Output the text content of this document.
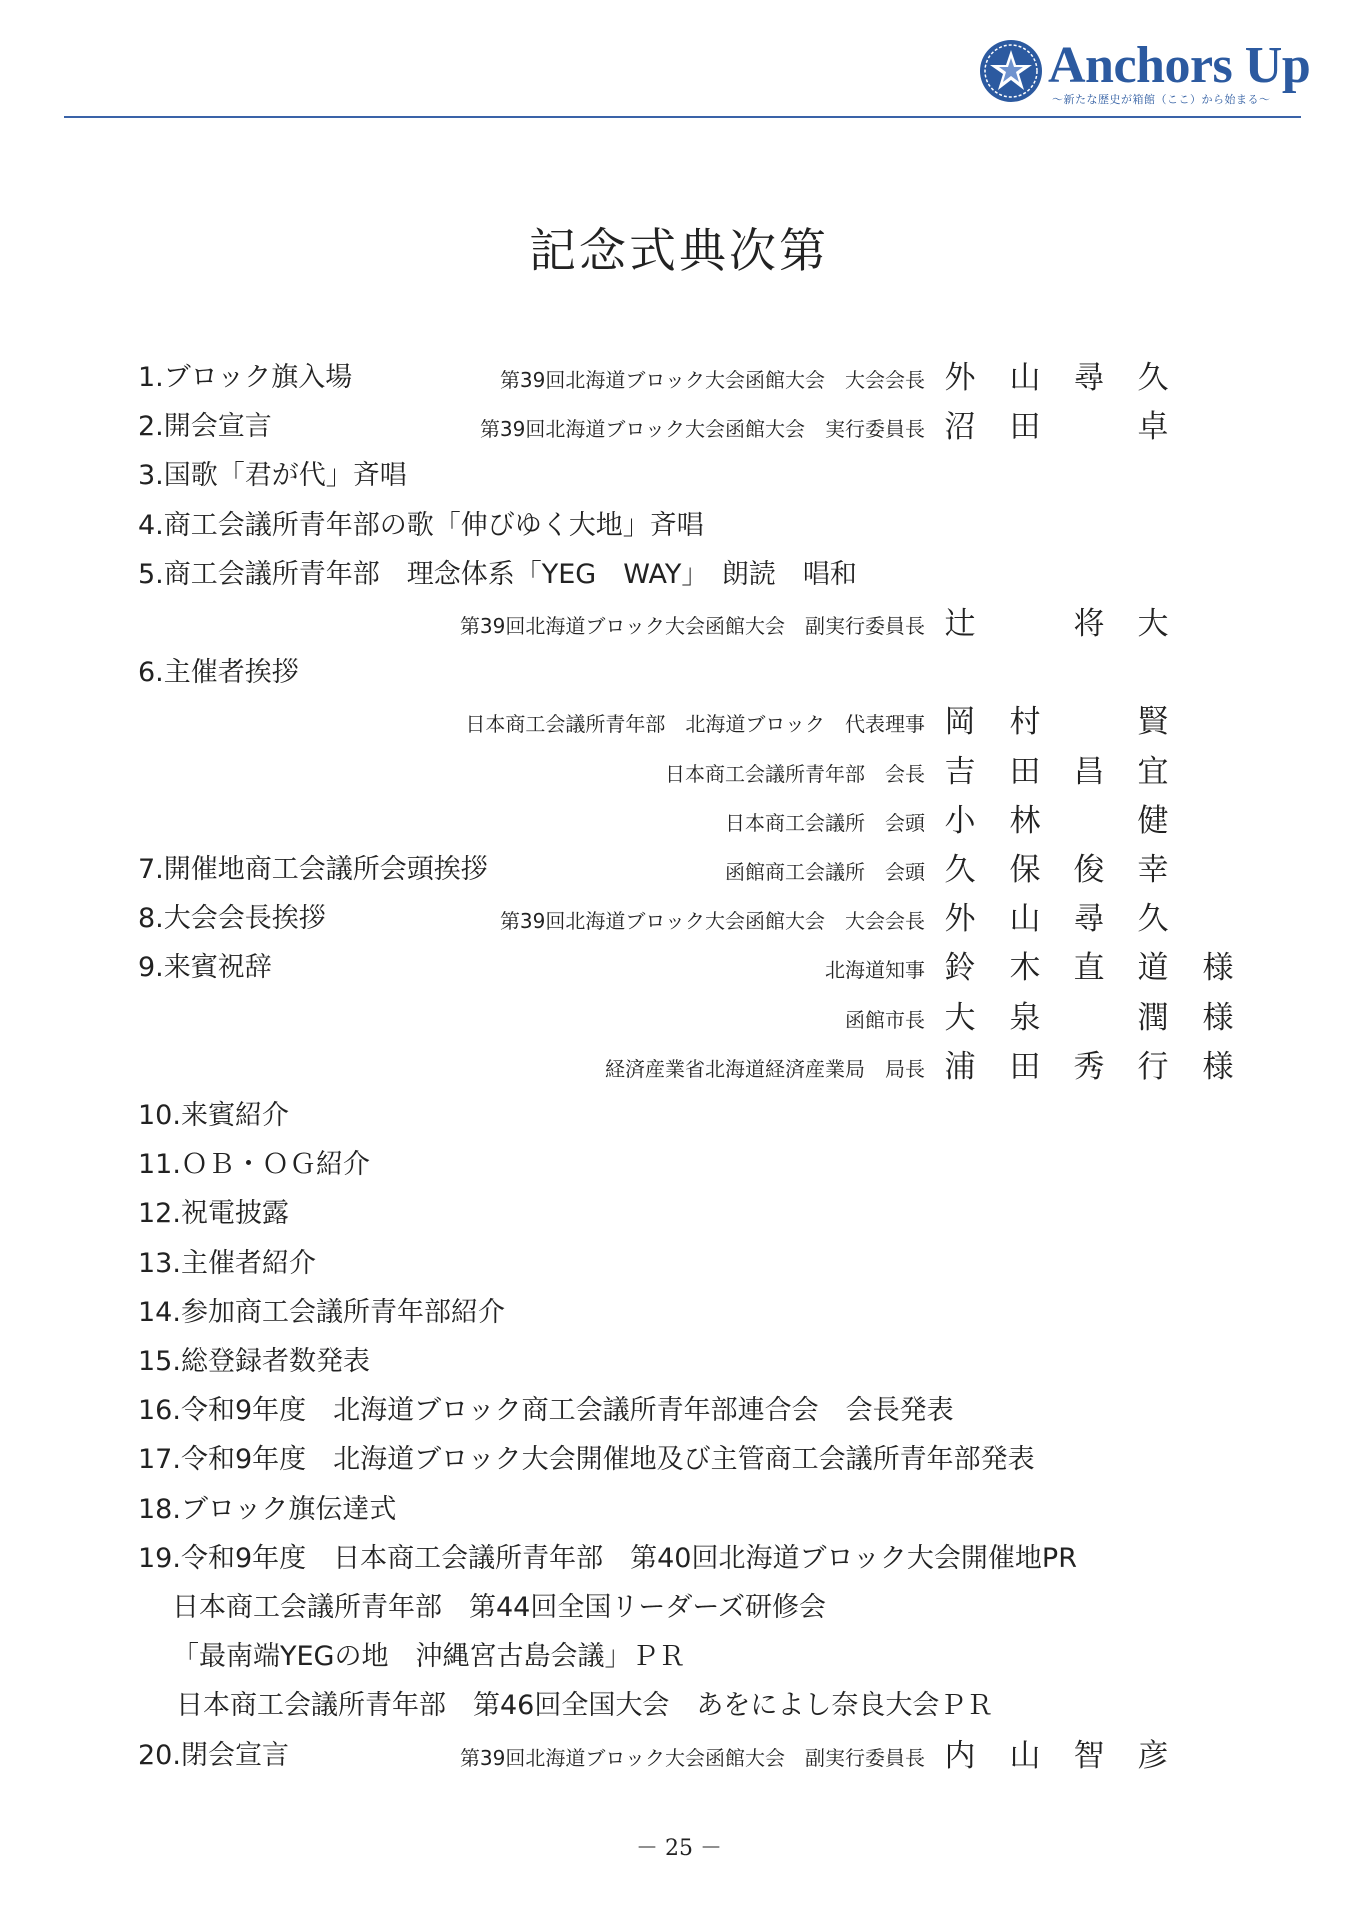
Anchors Up
〜新たな歴史が箱館（ここ）から始まる〜
記念式典次第
1.ブロック旗入場	第39回北海道ブロック大会函館大会　大会会長 外 山 尋 久
2.開会宣言	第39回北海道ブロック大会函館大会　実行委員長 沼 田	卓
3.国歌「君が代」斉唱
4.商工会議所青年部の歌「伸びゆく大地」斉唱
5.商工会議所青年部　理念体系「YEG　WAY」　朗読　唱和
第39回北海道ブロック大会函館大会　副実行委員長 辻	将 大
6.主催者挨拶
日本商工会議所青年部　北海道ブロック　代表理事 岡 村	賢
日本商工会議所青年部　会長 吉 田 昌 宜
日本商工会議所　会頭 小 林	健
7.開催地商工会議所会頭挨拶	函館商工会議所　会頭 久 保 俊 幸
8.大会会長挨拶	第39回北海道ブロック大会函館大会　大会会長 外 山 尋 久
9.来賓祝辞	北海道知事 鈴 木 直 道 様
函館市長 大 泉	潤 様
経済産業省北海道経済産業局　局長 浦 田 秀 行 様
10.来賓紹介
11.ＯＢ・ＯＧ紹介
12.祝電披露
13.主催者紹介
14.参加商工会議所青年部紹介
15.総登録者数発表
16.令和9年度　北海道ブロック商工会議所青年部連合会　会長発表
17.令和9年度　北海道ブロック大会開催地及び主管商工会議所青年部発表
18.ブロック旗伝達式
19.令和9年度　日本商工会議所青年部　第40回北海道ブロック大会開催地PR
日本商工会議所青年部　第44回全国リーダーズ研修会
「最南端YEGの地　沖縄宮古島会議」ＰＲ
日本商工会議所青年部　第46回全国大会　あをによし奈良大会ＰＲ
20.閉会宣言	第39回北海道ブロック大会函館大会　副実行委員長 内 山 智 彦
－ 25 －
